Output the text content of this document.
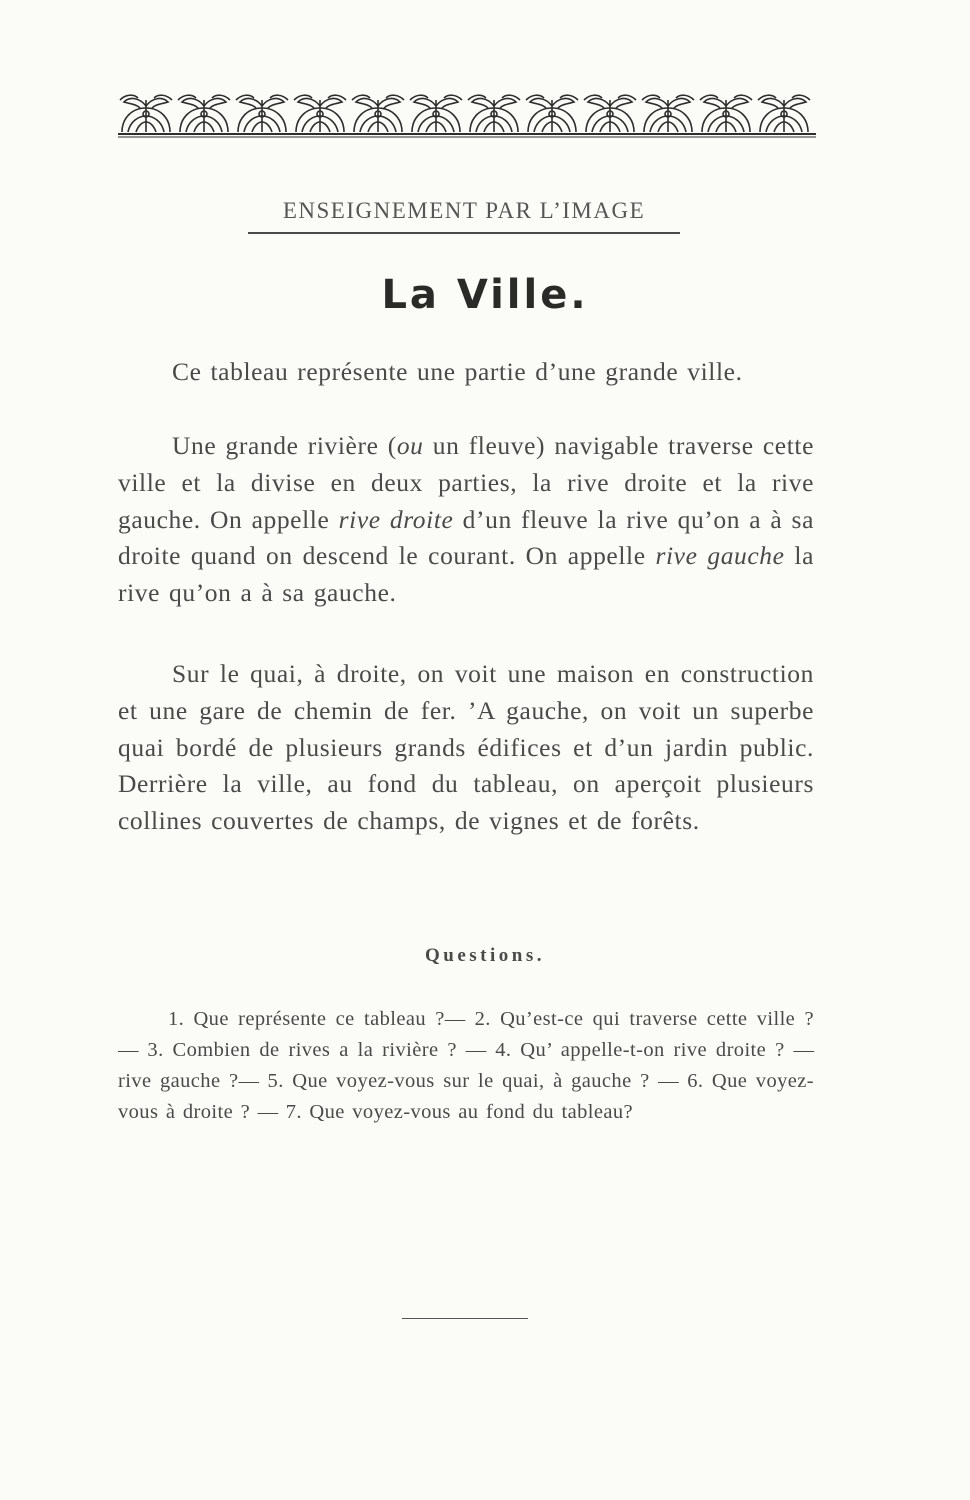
ENSEIGNEMENT PAR L’IMAGE
La Ville.

Ce tableau représente une partie d’une grande ville.

Une grande rivière (ou un fleuve) navigable traverse cette ville et la divise en deux parties, la rive droite et la rive gauche. On appelle rive droite d’un fleuve la rive qu’on a à sa droite quand on descend le courant. On appelle rive gauche la rive qu’on a à sa gauche.

Sur le quai, à droite, on voit une maison en construction et une gare de chemin de fer. ’A gauche, on voit un superbe quai bordé de plusieurs grands édifices et d’un jardin public. Derrière la ville, au fond du tableau, on aperçoit plusieurs collines couvertes de champs, de vignes et de forêts.

Questions.

1. Que représente ce tableau ?— 2. Qu’est-ce qui traverse cette ville ? — 3. Combien de rives a la rivière ? — 4. Qu’ appelle-t-on rive droite ? — rive gauche ?— 5. Que voyez-vous sur le quai, à gauche ? — 6. Que voyez-vous à droite ? — 7. Que voyez-vous au fond du tableau?
